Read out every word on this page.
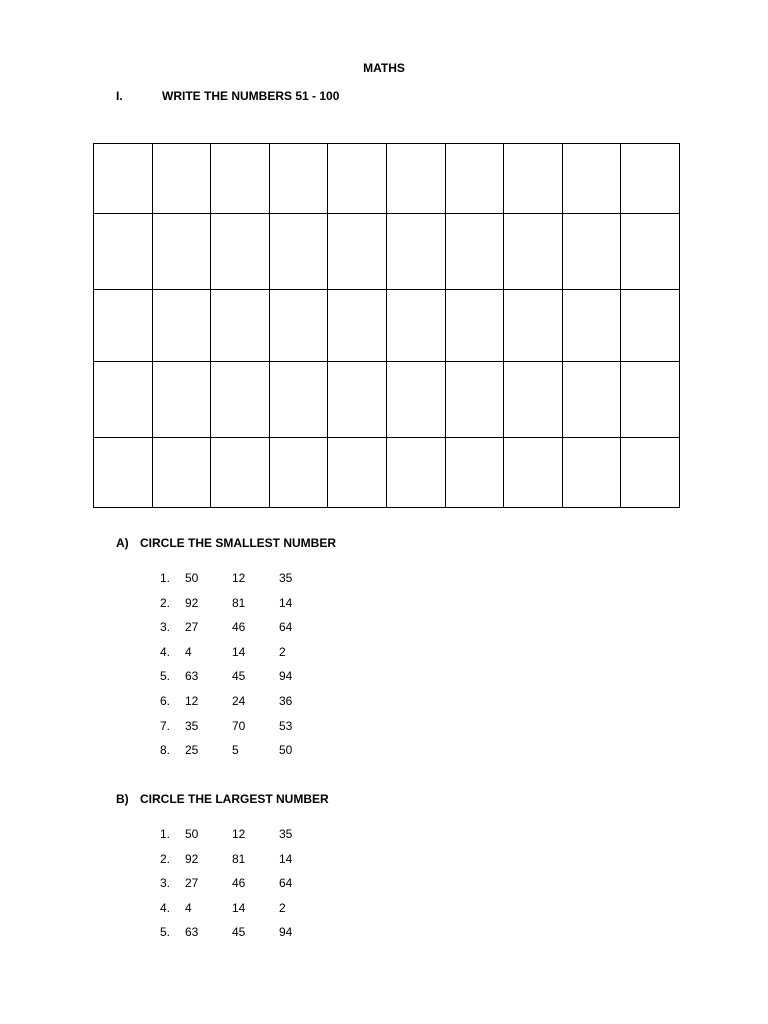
MATHS
I.	WRITE THE NUMBERS 51 - 100

A) CIRCLE THE SMALLEST NUMBER
1. 50	12	35
2. 92	81	14
3. 27	46	64
4. 4	14	2
5. 63	45	94
6. 12	24	36
7. 35	70	53
8. 25	5	50
B) CIRCLE THE LARGEST NUMBER
1. 50	12	35
2. 92	81	14
3. 27	46	64
4. 4	14	2
5. 63	45	94
